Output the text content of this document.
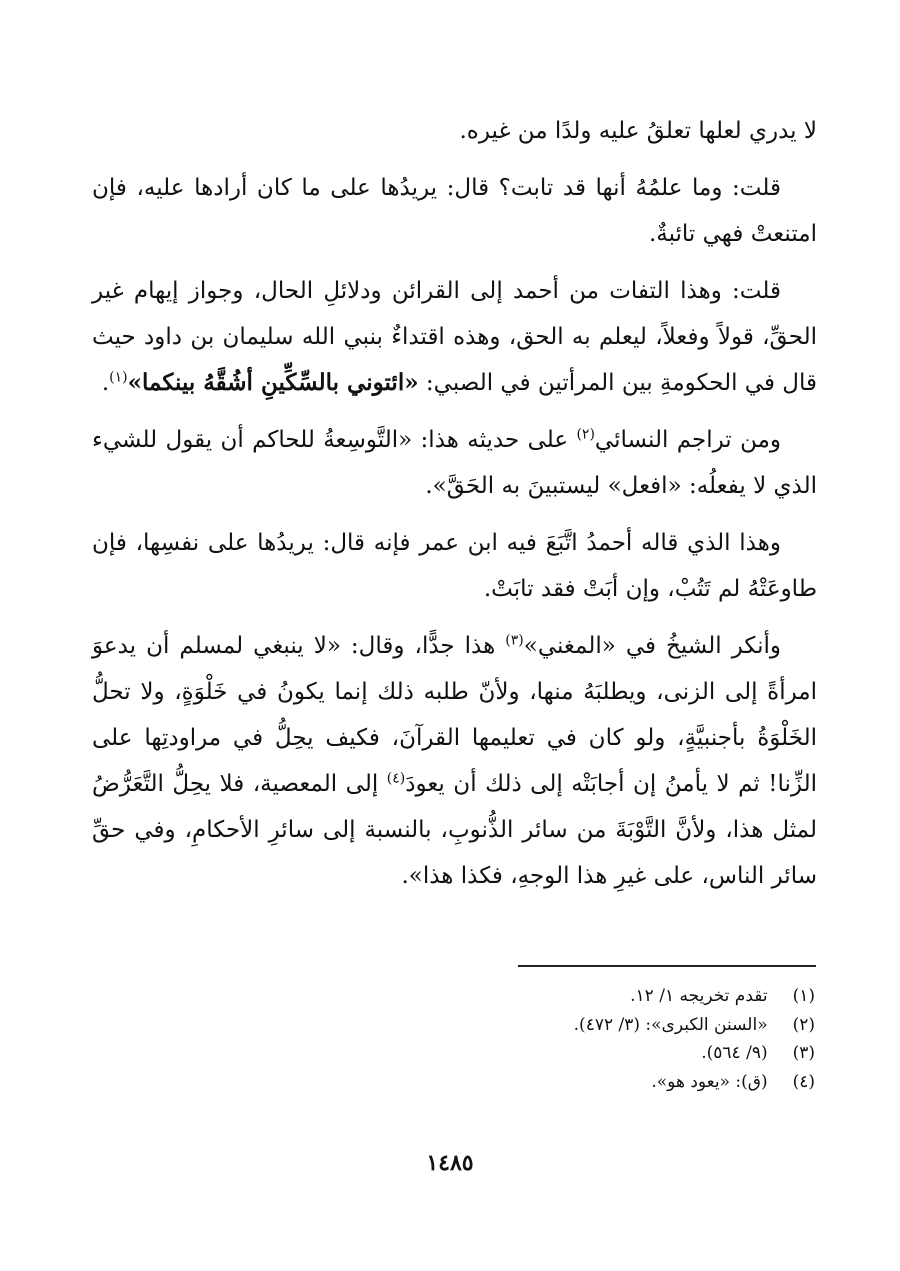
لا يدري لعلها تعلقُ عليه ولدًا من غيره.

قلت: وما علمُهُ أنها قد تابت؟ قال: يريدُها على ما كان أرادها عليه، فإن امتنعتْ فهي تائبةٌ.

قلت: وهذا التفات من أحمد إلى القرائن ودلائلِ الحال، وجواز إيهام غير الحقِّ، قولاً وفعلاً، ليعلم به الحق، وهذه اقتداءٌ بنبي الله سليمان بن داود حيث قال في الحكومةِ بين المرأتين في الصبي: «ائتوني بالسِّكِّينِ أشُقَّهُ بينكما»$^{(١)}$.

ومن تراجم النسائي$^{(٢)}$ على حديثه هذا: «التَّوسِعةُ للحاكم أن يقول للشيء الذي لا يفعلُه: «افعل» ليستبينَ به الحَقَّ».

وهذا الذي قاله أحمدُ اتَّبَعَ فيه ابن عمر فإنه قال: يريدُها على نفسِها، فإن طاوعَتْهُ لم تَتُبْ، وإن أبَتْ فقد تابَتْ.

وأنكر الشيخُ في «المغني»$^{(٣)}$ هذا جدًّا، وقال: «لا ينبغي لمسلم أن يدعوَ امرأةً إلى الزنى، ويطلبَهُ منها، ولأنّ طلبه ذلك إنما يكونُ في خَلْوَةٍ، ولا تحلُّ الخَلْوَةُ بأجنبيَّةٍ، ولو كان في تعليمها القرآنَ، فكيف يحِلُّ في مراودتِها على الزِّنا! ثم لا يأمنُ إن أجابَتْه إلى ذلك أن يعودَ$^{(٤)}$ إلى المعصية، فلا يحِلُّ التَّعَرُّضُ لمثل هذا، ولأنَّ التَّوْبَةَ من سائر الذُّنوبِ، بالنسبة إلى سائرِ الأحكامِ، وفي حقِّ سائر الناس، على غيرِ هذا الوجهِ، فكذا هذا».

(١) تقدم تخريجه ١/ ١٢.

(٢) «السنن الكبرى»: (٣/ ٤٧٢).

(٣) (٩/ ٥٦٤).

(٤) (ق): «يعود هو».

١٤٨٥
